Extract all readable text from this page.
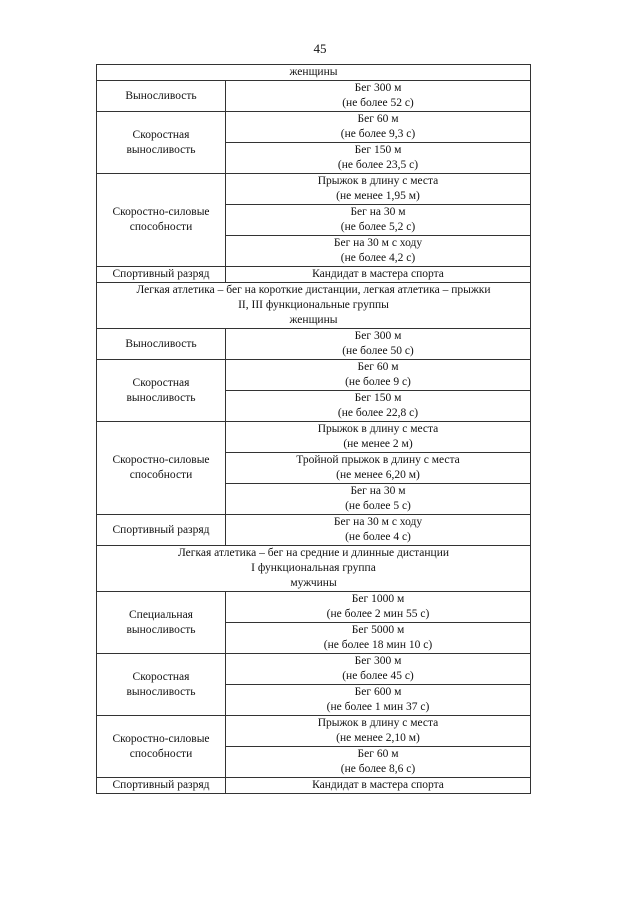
45
женщины	

Выносливость	Бег 300 м
(не более 52 с)

Скоростная
выносливость	Бег 60 м
(не более 9,3 с)

	Бег 150 м
(не более 23,5 с)

Скоростно-силовые
способности	Прыжок в длину с места
(не менее 1,95 м)

	Бег на 30 м
(не более 5,2 с)

	Бег на 30 м с ходу
(не более 4,2 с)

Спортивный разряд	Кандидат в мастера спорта

Легкая атлетика – бег на короткие дистанции, легкая атлетика – прыжки
II, III функциональные группы
женщины	

Выносливость	Бег 300 м
(не более 50 с)

Скоростная
выносливость	Бег 60 м
(не более 9 с)

	Бег 150 м
(не более 22,8 с)

Скоростно-силовые
способности	Прыжок в длину с места
(не менее 2 м)

	Тройной прыжок в длину с места
(не менее 6,20 м)

	Бег на 30 м
(не более 5 с)

Спортивный разряд	Бег на 30 м с ходу
(не более 4 с)

Легкая атлетика – бег на средние и длинные дистанции
I функциональная группа
мужчины	

Специальная
выносливость	Бег 1000 м
(не более 2 мин 55 с)

	Бег 5000 м
(не более 18 мин 10 с)

Скоростная
выносливость	Бег 300 м
(не более 45 с)

	Бег 600 м
(не более 1 мин 37 с)

Скоростно-силовые
способности	Прыжок в длину с места
(не менее 2,10 м)

	Бег 60 м
(не более 8,6 с)

Спортивный разряд	Кандидат в мастера спорта
